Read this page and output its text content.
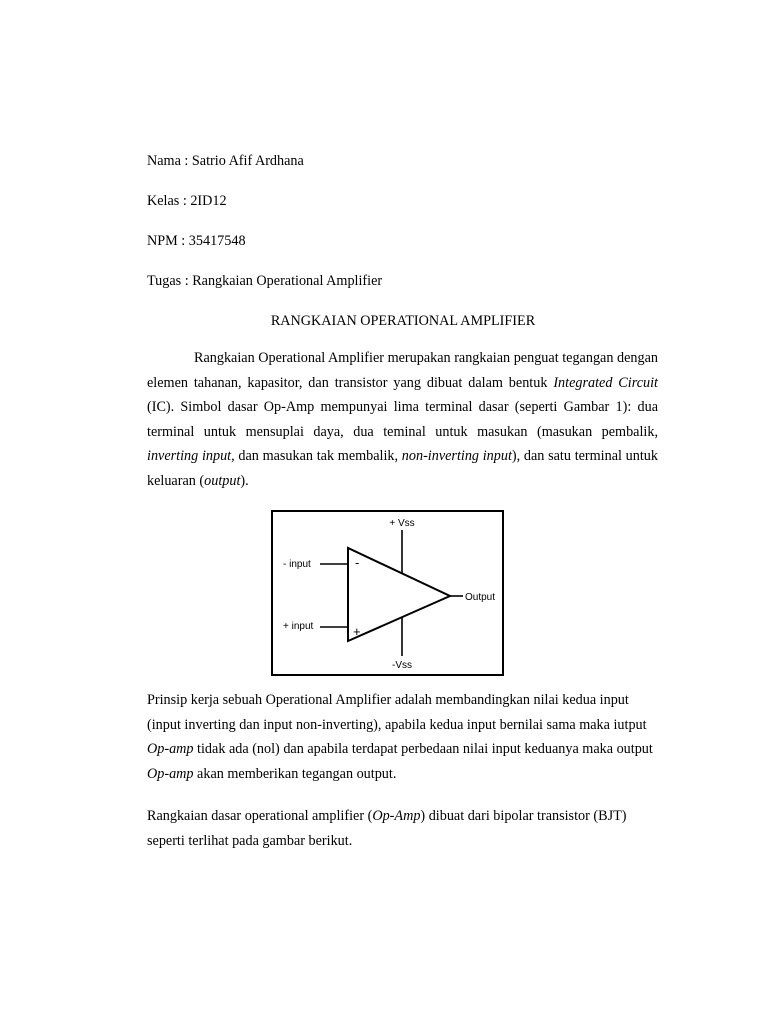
Nama : Satrio Afif Ardhana

Kelas : 2ID12

NPM : 35417548

Tugas : Rangkaian Operational Amplifier

RANGKAIAN OPERATIONAL AMPLIFIER

Rangkaian Operational Amplifier merupakan rangkaian penguat tegangan dengan elemen tahanan, kapasitor, dan transistor yang dibuat dalam bentuk Integrated Circuit (IC). Simbol dasar Op-Amp mempunyai lima terminal dasar (seperti Gambar 1): dua terminal untuk mensuplai daya, dua teminal untuk masukan (masukan pembalik, inverting input, dan masukan tak membalik, non-inverting input), dan satu terminal untuk keluaran (output).

+ Vss
-Vss
- input
+ input
Output
-
+

Prinsip kerja sebuah Operational Amplifier adalah membandingkan nilai kedua input (input inverting dan input non-inverting), apabila kedua input bernilai sama maka iutput Op-amp tidak ada (nol) dan apabila terdapat perbedaan nilai input keduanya maka output Op-amp akan memberikan tegangan output.

Rangkaian dasar operational amplifier (Op-Amp) dibuat dari bipolar transistor (BJT) seperti terlihat pada gambar berikut.
